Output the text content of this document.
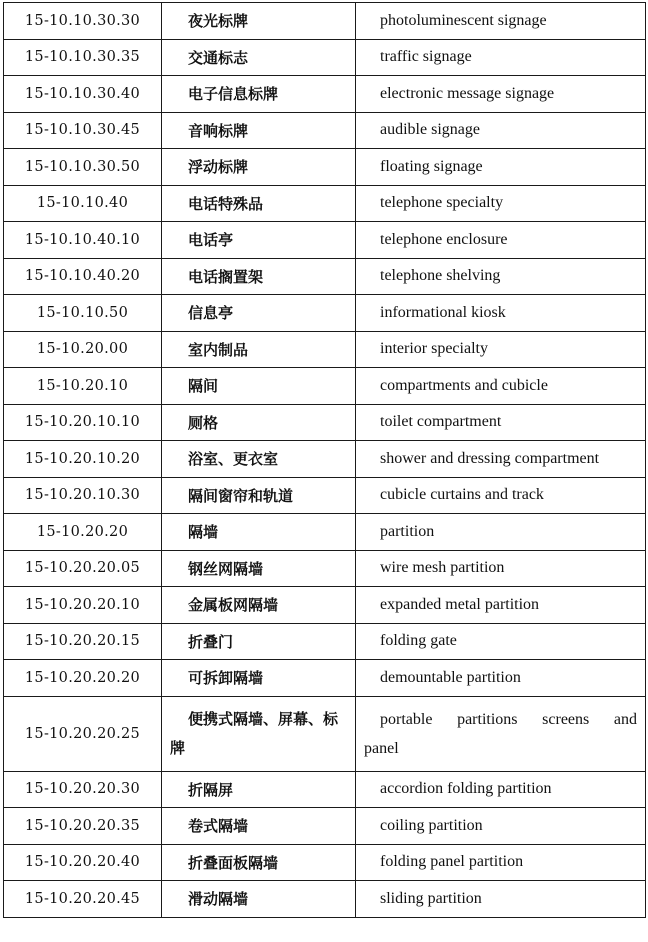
15-10.10.30.30	夜光标牌	photoluminescent signage
15-10.10.30.35	交通标志	traffic signage
15-10.10.30.40	电子信息标牌	electronic message signage
15-10.10.30.45	音响标牌	audible signage
15-10.10.30.50	浮动标牌	floating signage
15-10.10.40	电话特殊品	telephone specialty
15-10.10.40.10	电话亭	telephone enclosure
15-10.10.40.20	电话搁置架	telephone shelving
15-10.10.50	信息亭	informational kiosk
15-10.20.00	室内制品	interior specialty
15-10.20.10	隔间	compartments and cubicle
15-10.20.10.10	厕格	toilet compartment
15-10.20.10.20	浴室、更衣室	shower and dressing compartment
15-10.20.10.30	隔间窗帘和轨道	cubicle curtains and track
15-10.20.20	隔墙	partition
15-10.20.20.05	钢丝网隔墙	wire mesh partition
15-10.20.20.10	金属板网隔墙	expanded metal partition
15-10.20.20.15	折叠门	folding gate
15-10.20.20.20	可拆卸隔墙	demountable partition
15-10.20.20.25	便携式隔墙、屏幕、标牌	portable partitions screens and
panel

15-10.20.20.30	折隔屏	accordion folding partition
15-10.20.20.35	卷式隔墙	coiling partition
15-10.20.20.40	折叠面板隔墙	folding panel partition
15-10.20.20.45	滑动隔墙	sliding partition
